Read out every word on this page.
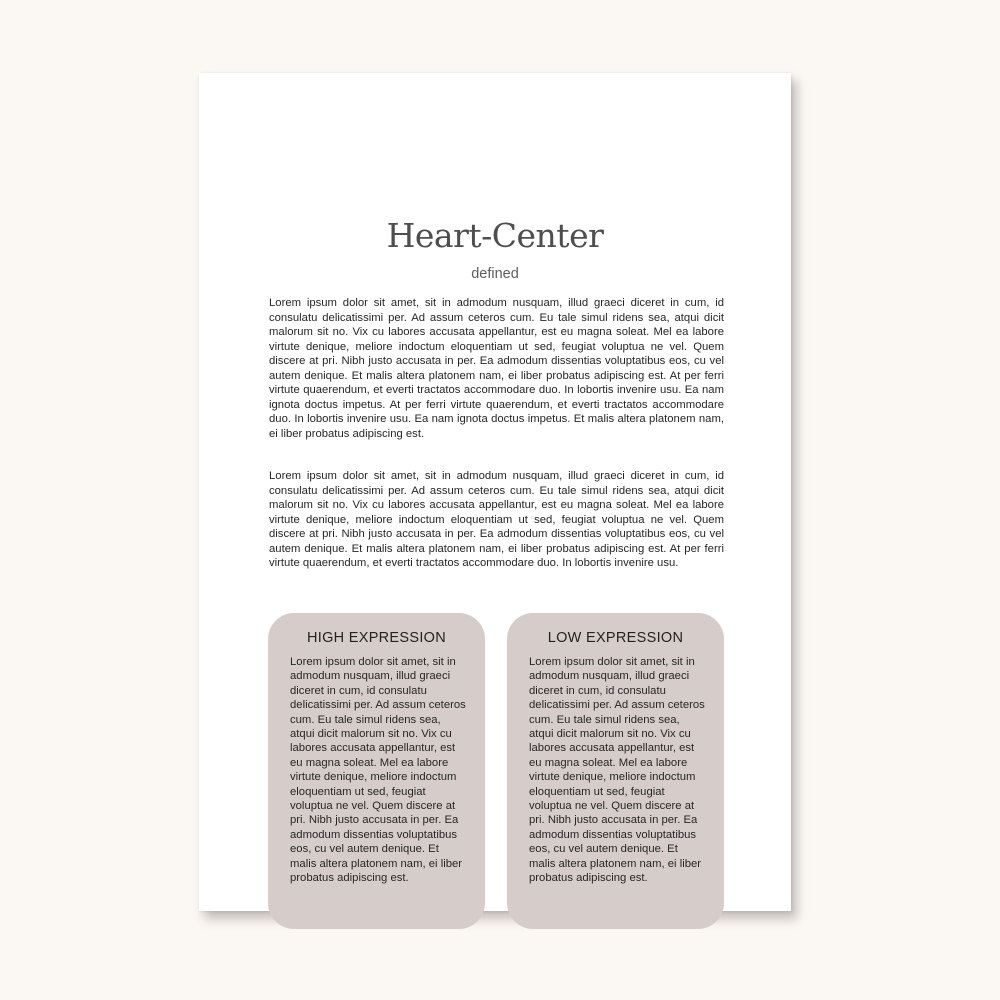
Heart-Center
defined

Lorem ipsum dolor sit amet, sit in admodum nusquam, illud graeci diceret in cum, id consulatu delicatissimi per. Ad assum ceteros cum. Eu tale simul ridens sea, atqui dicit malorum sit no. Vix cu labores accusata appellantur, est eu magna soleat. Mel ea labore virtute denique, meliore indoctum eloquentiam ut sed, feugiat voluptua ne vel. Quem discere at pri. Nibh justo accusata in per. Ea admodum dissentias voluptatibus eos, cu vel autem denique. Et malis altera platonem nam, ei liber probatus adipiscing est. At per ferri virtute quaerendum, et everti tractatos accommodare duo. In lobortis invenire usu. Ea nam ignota doctus impetus. At per ferri virtute quaerendum, et everti tractatos accommodare duo. In lobortis invenire usu. Ea nam ignota doctus impetus. Et malis altera platonem nam, ei liber probatus adipiscing est.

Lorem ipsum dolor sit amet, sit in admodum nusquam, illud graeci diceret in cum, id consulatu delicatissimi per. Ad assum ceteros cum. Eu tale simul ridens sea, atqui dicit malorum sit no. Vix cu labores accusata appellantur, est eu magna soleat. Mel ea labore virtute denique, meliore indoctum eloquentiam ut sed, feugiat voluptua ne vel. Quem discere at pri. Nibh justo accusata in per. Ea admodum dissentias voluptatibus eos, cu vel autem denique. Et malis altera platonem nam, ei liber probatus adipiscing est. At per ferri virtute quaerendum, et everti tractatos accommodare duo. In lobortis invenire usu.

HIGH EXPRESSION

Lorem ipsum dolor sit amet, sit in admodum nusquam, illud graeci diceret in cum, id consulatu delicatissimi per. Ad assum ceteros cum. Eu tale simul ridens sea, atqui dicit malorum sit no. Vix cu labores accusata appellantur, est eu magna soleat. Mel ea labore virtute denique, meliore indoctum eloquentiam ut sed, feugiat voluptua ne vel. Quem discere at pri. Nibh justo accusata in per. Ea admodum dissentias voluptatibus eos, cu vel autem denique. Et malis altera platonem nam, ei liber probatus adipiscing est.

LOW EXPRESSION

Lorem ipsum dolor sit amet, sit in admodum nusquam, illud graeci diceret in cum, id consulatu delicatissimi per. Ad assum ceteros cum. Eu tale simul ridens sea, atqui dicit malorum sit no. Vix cu labores accusata appellantur, est eu magna soleat. Mel ea labore virtute denique, meliore indoctum eloquentiam ut sed, feugiat voluptua ne vel. Quem discere at pri. Nibh justo accusata in per. Ea admodum dissentias voluptatibus eos, cu vel autem denique. Et malis altera platonem nam, ei liber probatus adipiscing est.
